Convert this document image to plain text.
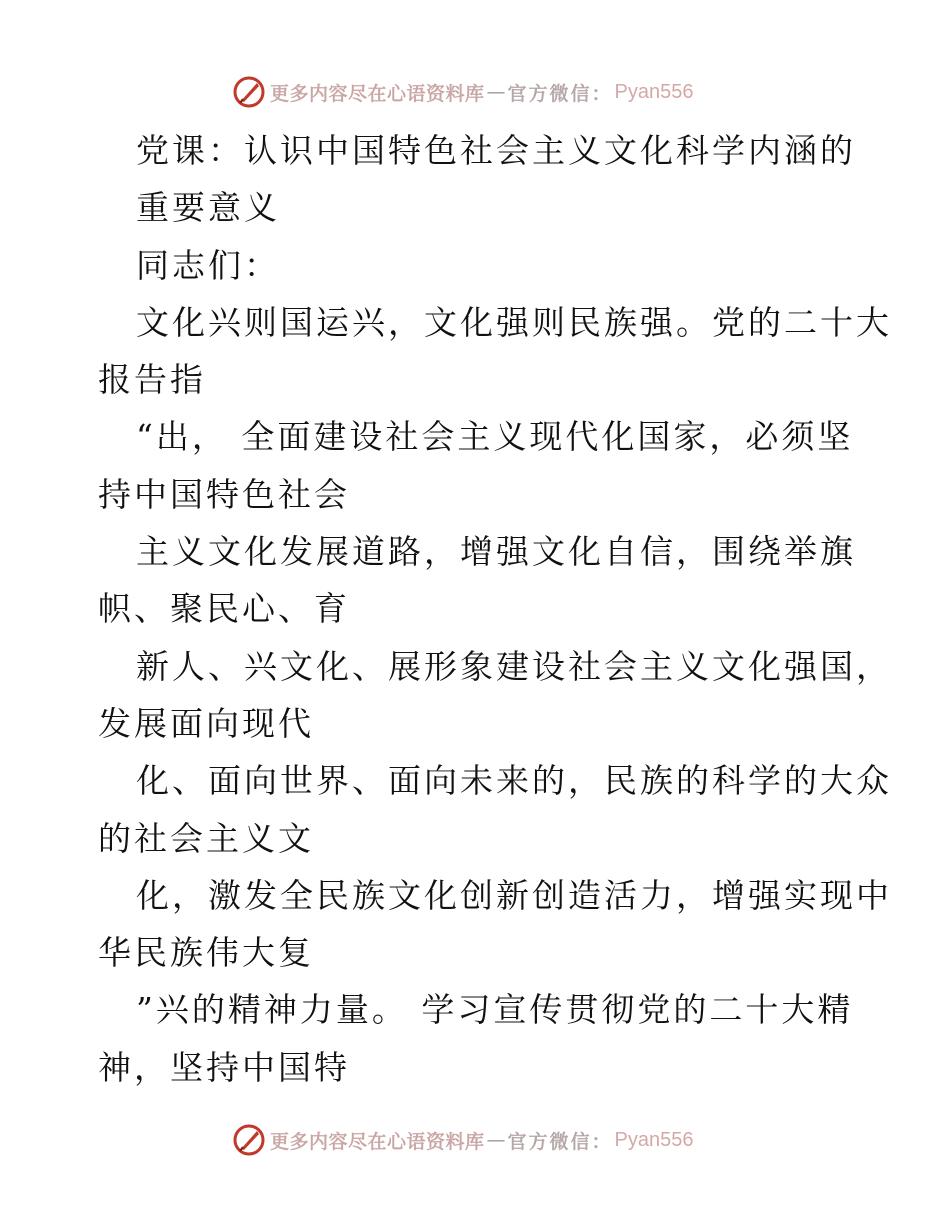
更多内容尽在心语资料库 — 官方微信： Pyan556
党课：认识中国特色社会主义文化科学内涵的
重要意义
同志们：
文化兴则国运兴，文化强则民族强。党的二十大
报告指
“出， 全面建设社会主义现代化国家，必须坚
持中国特色社会
主义文化发展道路，增强文化自信，围绕举旗
帜、聚民心、育
新人、兴文化、展形象建设社会主义文化强国，
发展面向现代
化、面向世界、面向未来的，民族的科学的大众
的社会主义文
化，激发全民族文化创新创造活力，增强实现中
华民族伟大复
”兴的精神力量。 学习宣传贯彻党的二十大精
神，坚持中国特
更多内容尽在心语资料库 — 官方微信： Pyan556
